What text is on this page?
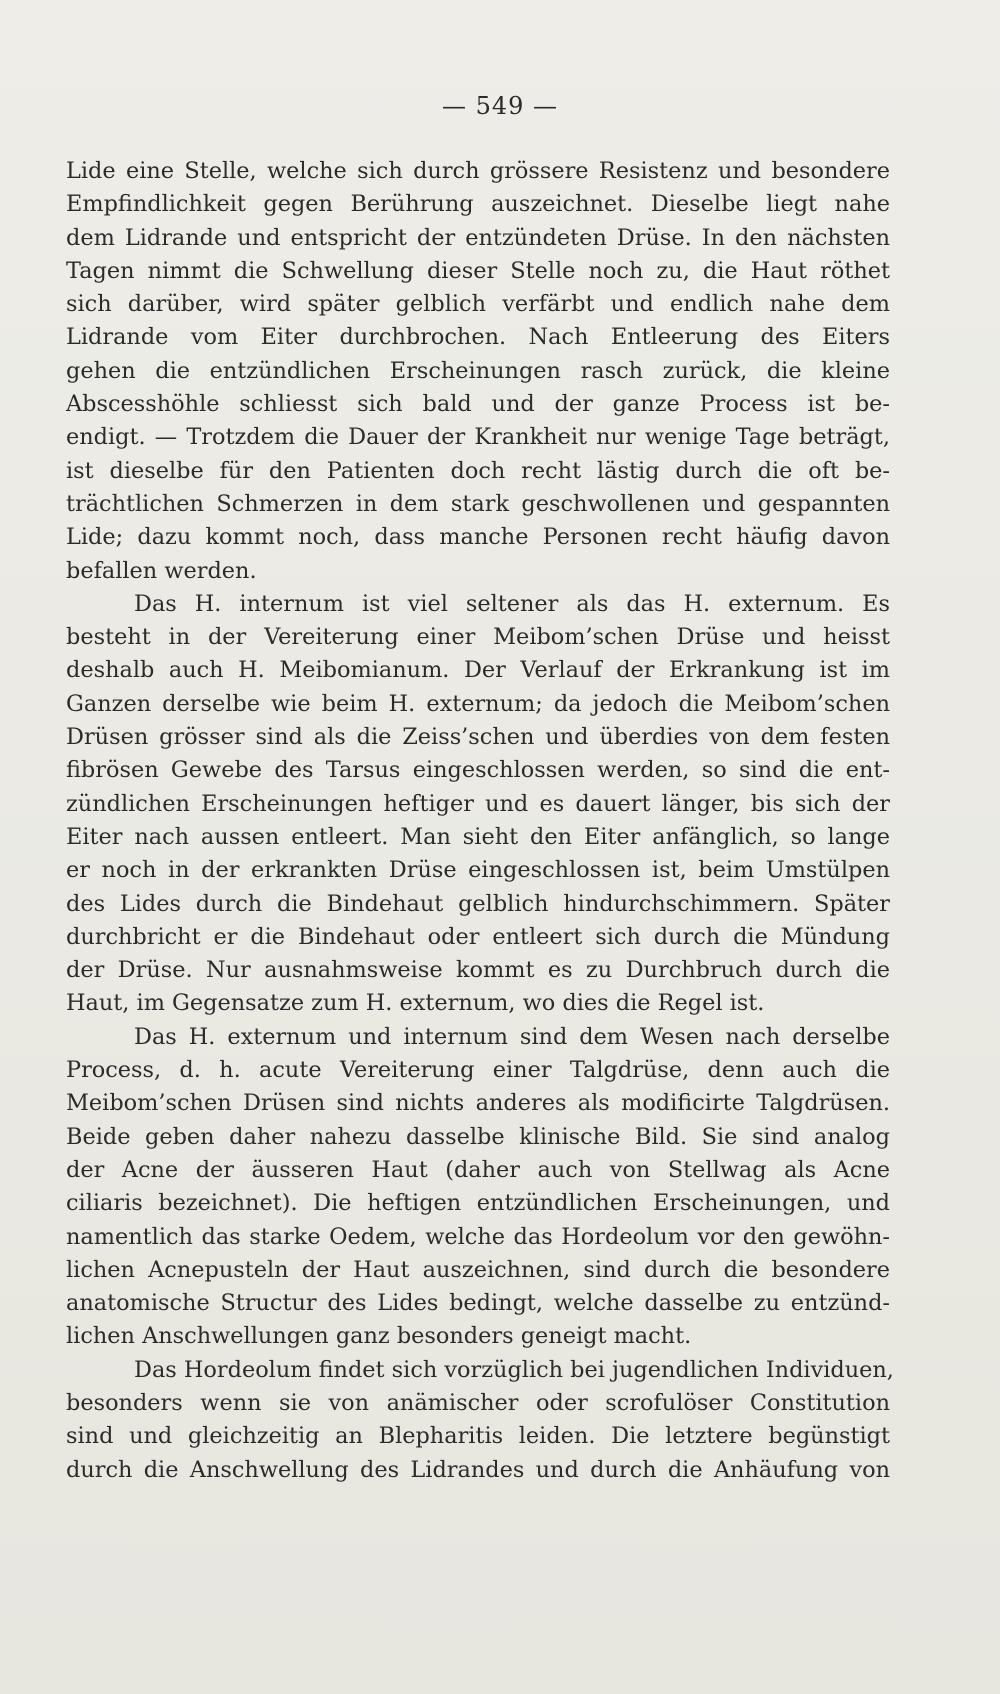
— 549 —

Lide eine Stelle, welche sich durch grössere Resistenz und besondere

Empfindlichkeit gegen Berührung auszeichnet. Dieselbe liegt nahe

dem Lidrande und entspricht der entzündeten Drüse. In den nächsten

Tagen nimmt die Schwellung dieser Stelle noch zu, die Haut röthet

sich darüber, wird später gelblich verfärbt und endlich nahe dem

Lidrande vom Eiter durchbrochen. Nach Entleerung des Eiters

gehen die entzündlichen Erscheinungen rasch zurück, die kleine

Abscesshöhle schliesst sich bald und der ganze Process ist be-

endigt. — Trotzdem die Dauer der Krankheit nur wenige Tage beträgt,

ist dieselbe für den Patienten doch recht lästig durch die oft be-

trächtlichen Schmerzen in dem stark geschwollenen und gespannten

Lide; dazu kommt noch, dass manche Personen recht häufig davon

befallen werden.

Das H. internum ist viel seltener als das H. externum. Es

besteht in der Vereiterung einer Meibom’schen Drüse und heisst

deshalb auch H. Meibomianum. Der Verlauf der Erkrankung ist im

Ganzen derselbe wie beim H. externum; da jedoch die Meibom’schen

Drüsen grösser sind als die Zeiss’schen und überdies von dem festen

fibrösen Gewebe des Tarsus eingeschlossen werden, so sind die ent-

zündlichen Erscheinungen heftiger und es dauert länger, bis sich der

Eiter nach aussen entleert. Man sieht den Eiter anfänglich, so lange

er noch in der erkrankten Drüse eingeschlossen ist, beim Umstülpen

des Lides durch die Bindehaut gelblich hindurchschimmern. Später

durchbricht er die Bindehaut oder entleert sich durch die Mündung

der Drüse. Nur ausnahmsweise kommt es zu Durchbruch durch die

Haut, im Gegensatze zum H. externum, wo dies die Regel ist.

Das H. externum und internum sind dem Wesen nach derselbe

Process, d. h. acute Vereiterung einer Talgdrüse, denn auch die

Meibom’schen Drüsen sind nichts anderes als modificirte Talgdrüsen.

Beide geben daher nahezu dasselbe klinische Bild. Sie sind analog

der Acne der äusseren Haut (daher auch von Stellwag als Acne

ciliaris bezeichnet). Die heftigen entzündlichen Erscheinungen, und

namentlich das starke Oedem, welche das Hordeolum vor den gewöhn-

lichen Acnepusteln der Haut auszeichnen, sind durch die besondere

anatomische Structur des Lides bedingt, welche dasselbe zu entzünd-

lichen Anschwellungen ganz besonders geneigt macht.

Das Hordeolum findet sich vorzüglich bei jugendlichen Individuen,

besonders wenn sie von anämischer oder scrofulöser Constitution

sind und gleichzeitig an Blepharitis leiden. Die letztere begünstigt

durch die Anschwellung des Lidrandes und durch die Anhäufung von
